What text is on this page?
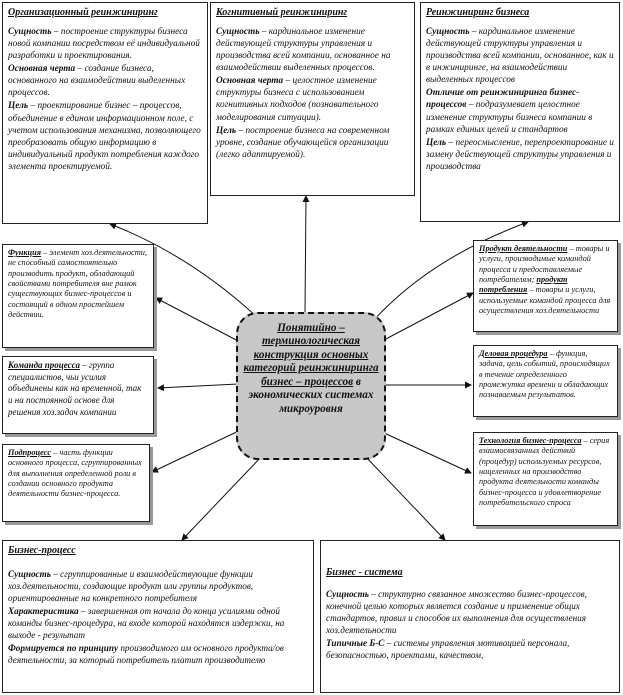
Организационный реинжиниринг

Сущность – построение структуры бизнеса новой компании посредством её индивидуальной разработки и проектирования.

Основная черта – создание бизнеса, основанного на взаимодействии выделенных процессов.

Цель – проектирование бизнес – процессов, объединение в едином информационном поле, с учетом использования механизма, позволяющего преобразовать общую информацию в индивидуальный продукт потребления каждого элемента проектируемой.

Когнитивный реинжиниринг

Сущность – кардинальное изменение действующей структуры управления и производства всей компании, основанное на взаимодействии выделенных процессов.

Основная черта – целостное изменение структуры бизнеса с использованием когнитивных подходов (познавательного моделирования ситуации).

Цель – построение бизнеса на современном уровне, создание обучающейся организации (легко адаптируемой).

Реинжиниринг бизнеса

Сущность – кардинальное изменение действующей структуры управления и производства всей компании, основанное, как и в инжиниринге, на взаимодействии выделенных процессов

Отличие от реинжиниринга бизнес-процессов – подразумевает целостное изменение структуры бизнеса компании в рамках единых целей и стандартов

Цель – переосмысление, перепроектирование и замену действующей структуры управления и производства

Функция – элемент хоз.деятельности, не способный самостоятельно производить продукт, обладающий свойствами потребителя вне рамок существующих бизнес-процессов и состоящий в одном простейшем действии.
Команда процесса – группа специалистов, чьи усилия объединены как на временной, так и на постоянной основе для решения хоз.задач компании
Подпроцесс – часть функции основного процесса, сгруппированных для выполнения определенной роли в создании основного продукта деятельности бизнес-процесса.
Продукт деятельности – товары и услуги, производимые командой процесса и предоставляемые потребителям; продукт потребления – товары и услуги, используемые командой процесса для осуществления хоз.деятельности
Деловая процедура – функция, задача, цель событий, происходящих в течение определенного промежутка времени и обладающих познаваемым результатов.
Технология бизнес-процесса – серия взаимосвязанных действий (процедур) используемых ресурсов, нацеленных на производство продукта деятельности команды бизнес-процесса и удовлетворение потребительского спроса
Понятийно – терминологическая конструкция основных категорий реинжиниринга бизнес – процессов в экономических системах микроуровня
Бизнес-процесс

Сущность – сгруппированные и взаимодействующие функции хоз.деятельности, создающие продукт или группы продуктов, ориентированные на конкретного потребителя

Характеристика – завершенная от начала до конца усилиями одной команды бизнес-процедура, на входе которой находятся издержки, на выходе - результат

Формируется по принципу производимого им основного продукта/ов деятельности, за который потребитель платит производителю

Бизнес - система

Сущность – структурно связанное множество бизнес-процессов, конечной целью которых является создание и применение общих стандартов, правил и способов их выполнения для осуществления хоз.деятельности

Типичные Б-С – системы управления мотивацией персонала, безопасностью, проектами, качеством,
